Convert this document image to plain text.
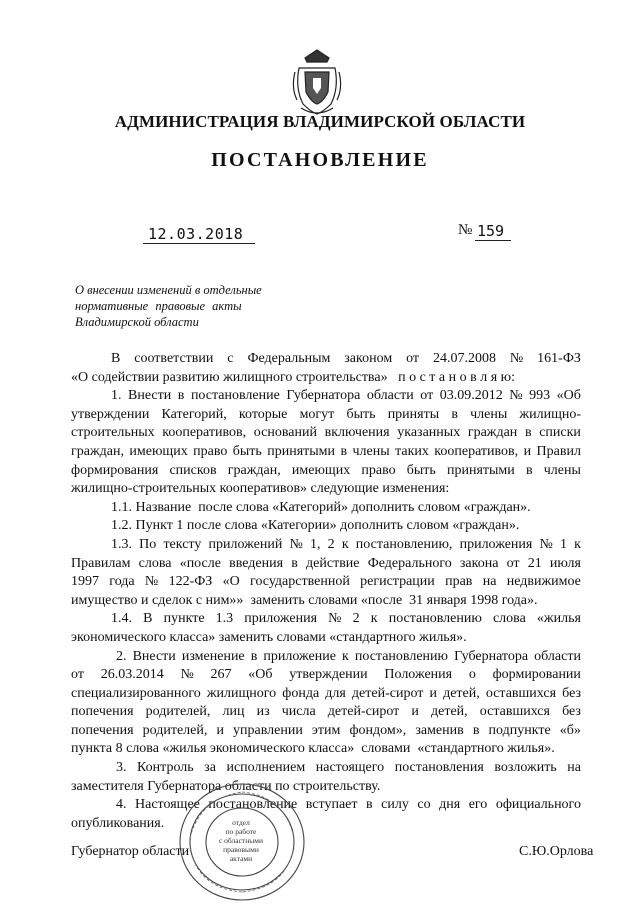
АДМИНИСТРАЦИЯ ВЛАДИМИРСКОЙ ОБЛАСТИ
ПОСТАНОВЛЕНИЕ
12.03.2018	№ 159
О внесении изменений в отдельные
нормативные правовые акты
Владимирской области
В соответствии с Федеральным законом от 24.07.2008 № 161-ФЗ
«О содействии развитию жилищного строительства»   п о с т а н о в л я ю:
1. Внести в постановление Губернатора области от 03.09.2012 № 993 «Об
утверждении Категорий, которые могут быть приняты в члены жилищно-
строительных кооперативов, оснований включения указанных граждан в списки
граждан, имеющих право быть принятыми в члены таких кооперативов, и Правил
формирования списков граждан, имеющих право быть принятыми в члены
жилищно-строительных кооперативов» следующие изменения:
1.1. Название  после слова «Категорий» дополнить словом «граждан».
1.2. Пункт 1 после слова «Категории» дополнить словом «граждан».
1.3. По тексту приложений № 1, 2 к постановлению, приложения № 1 к
Правилам слова «после введения в действие Федерального закона от 21 июля
1997 года № 122-ФЗ «О государственной регистрации прав на недвижимое
имущество и сделок с ним»»  заменить словами «после  31 января 1998 года».
1.4. В пункте 1.3 приложения № 2 к постановлению слова «жилья
экономического класса» заменить словами «стандартного жилья».
2. Внести изменение в приложение к постановлению Губернатора области
от 26.03.2014 № 267 «Об утверждении Положения о формировании
специализированного жилищного фонда для детей-сирот и детей, оставшихся без
попечения родителей, лиц из числа детей-сирот и детей, оставшихся без
попечения родителей, и управлении этим фондом», заменив в подпункте «б»
пункта 8 слова «жилья экономического класса»  словами  «стандартного жилья».
3. Контроль за исполнением настоящего постановления возложить на
заместителя Губернатора области по строительству.
4. Настоящее постановление вступает в силу со дня его официального
опубликования.	отдел
по работе
с областными
правовыми
актами
Губернатор области	С.Ю.Орлова
